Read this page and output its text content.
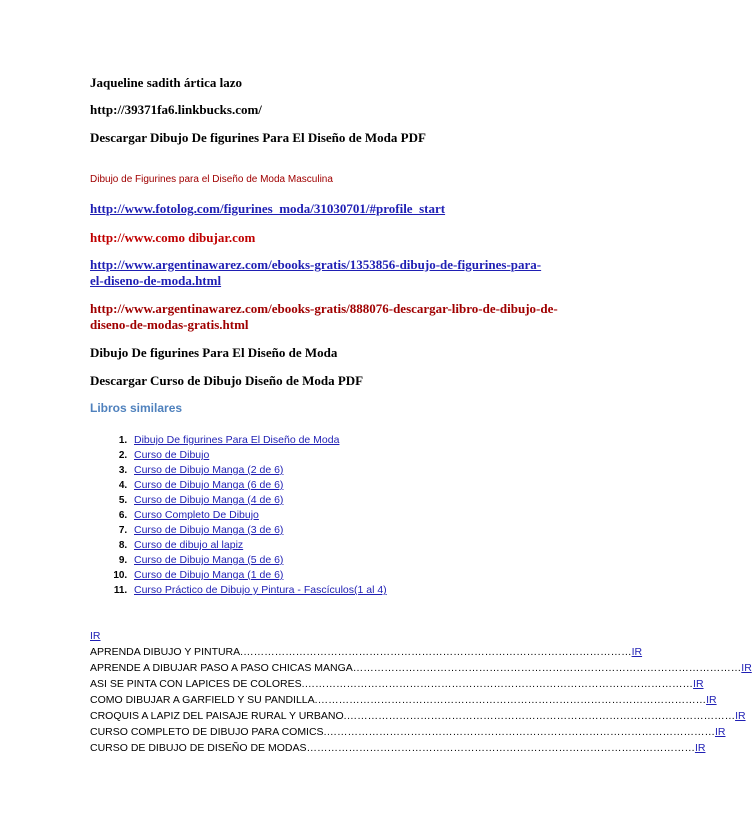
Jaqueline sadith ártica lazo

http://39371fa6.linkbucks.com/

Descargar Dibujo De figurines Para El Diseño de Moda PDF

Dibujo de Figurines para el Diseño de Moda Masculina

http://www.fotolog.com/figurines_moda/31030701/#profile_start

http://www.como dibujar.com

http://www.argentinawarez.com/ebooks-gratis/1353856-dibujo-de-figurines-para-el-diseno-de-moda.html

http://www.argentinawarez.com/ebooks-gratis/888076-descargar-libro-de-dibujo-de-diseno-de-modas-gratis.html

Dibujo De figurines Para El Diseño de Moda

Descargar Curso de Dibujo Diseño de Moda PDF

Libros similares

1. Dibujo De figurines Para El Diseño de Moda
2. Curso de Dibujo
3. Curso de Dibujo Manga (2 de 6)
4. Curso de Dibujo Manga (6 de 6)
5. Curso de Dibujo Manga (4 de 6)
6. Curso Completo De Dibujo
7. Curso de Dibujo Manga (3 de 6)
8. Curso de dibujo al lapiz
9. Curso de Dibujo Manga (5 de 6)
10. Curso de Dibujo Manga (1 de 6)
11. Curso Práctico de Dibujo y Pintura - Fascículos(1 al 4)
IR
APRENDA DIBUJO Y PINTURA. ………………………………………………………………………………………………… IR
APRENDE A DIBUJAR PASO A PASO CHICAS MANGA ………………………………………………………………………………………………… IR
ASI SE PINTA CON LAPICES DE COLORES. ………………………………………………………………………………………………… IR
COMO DIBUJAR A GARFIELD Y SU PANDILLA. ………………………………………………………………………………………………… IR
CROQUIS A LAPIZ DEL PAISAJE RURAL Y URBANO. ………………………………………………………………………………………………… IR
CURSO COMPLETO DE DIBUJO PARA COMICS. ………………………………………………………………………………………………… IR
CURSO DE DIBUJO DE DISEÑO DE MODAS ………………………………………………………………………………………………… IR
